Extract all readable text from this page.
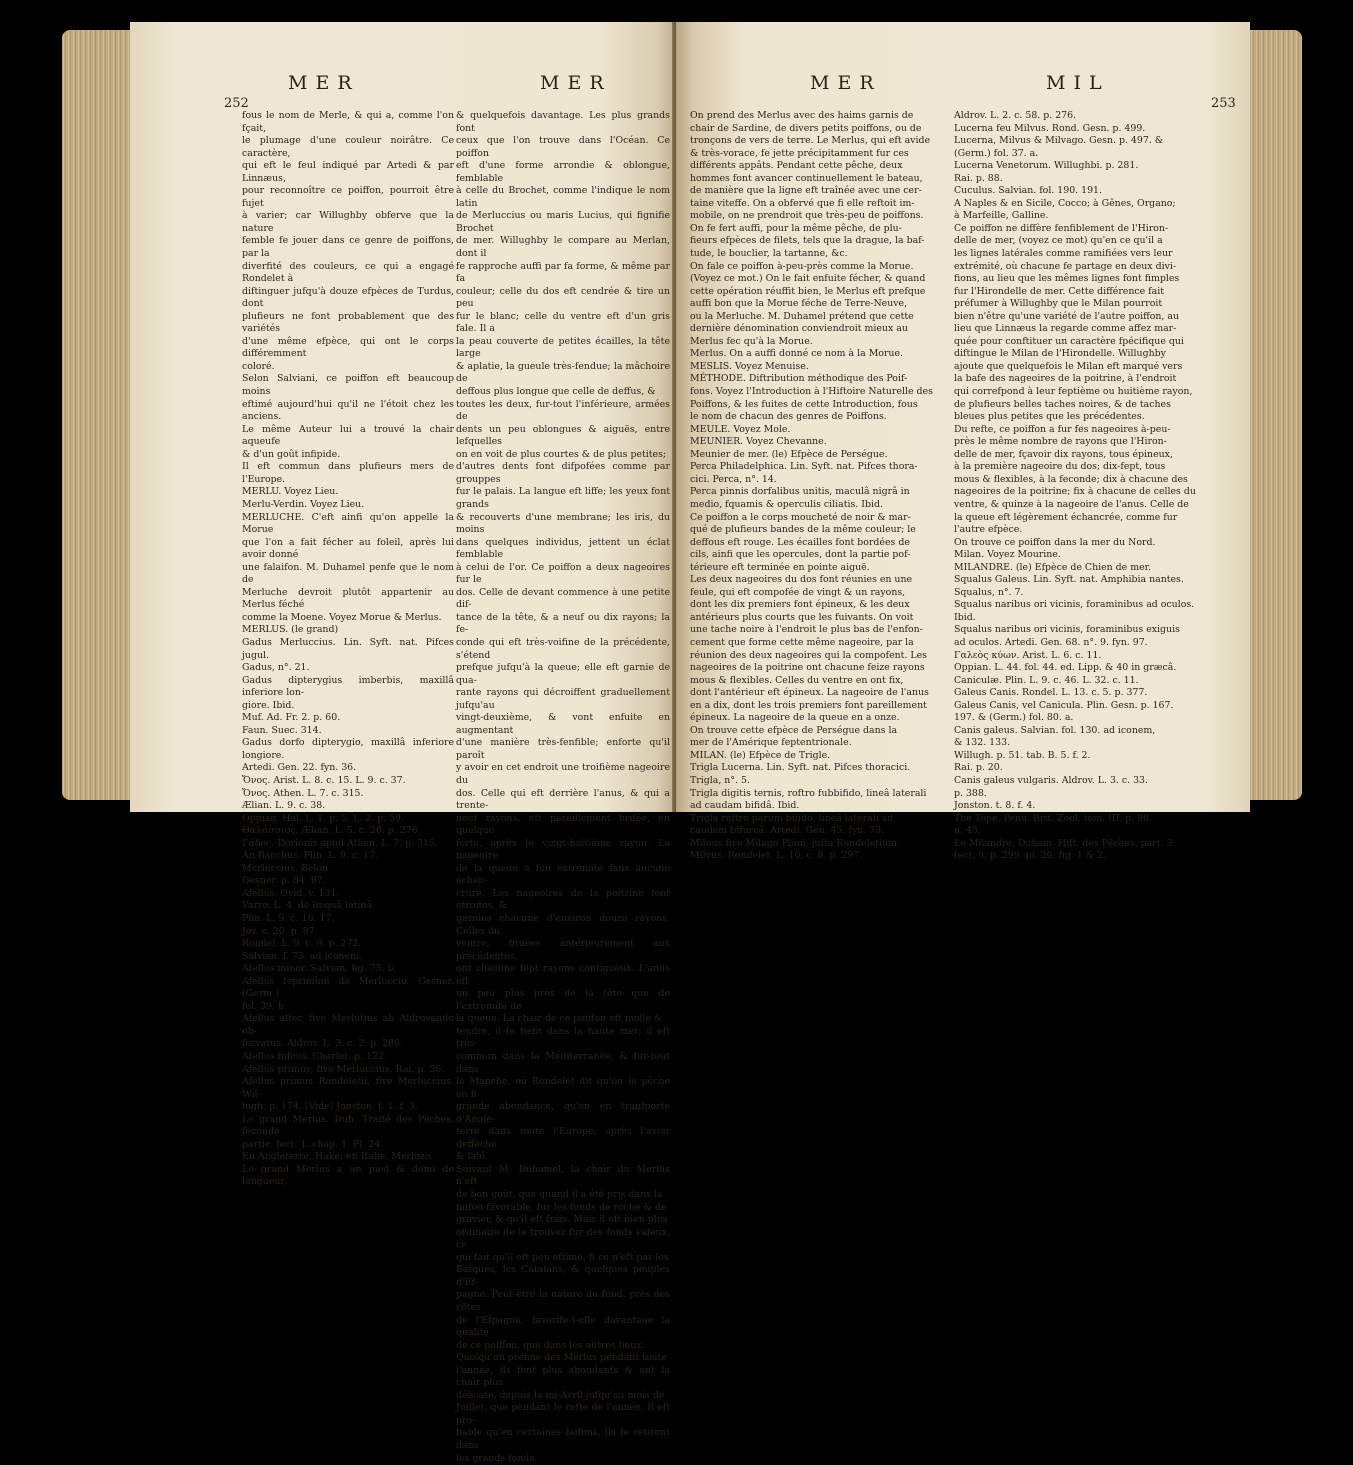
252
MER	MER

fous le nom de Merle, & qui a, comme l'on fçait,

le plumage d'une couleur noirâtre. Ce caractère,

qui eft le feul indiqué par Artedi & par Linnæus,

pour reconnoître ce poiffon, pourroit être fujet

à varier; car Willughby obferve que la nature

femble fe jouer dans ce genre de poiffons, par la

diverfité des couleurs, ce qui a engagé Rondelet à

diftinguer jufqu'à douze efpèces de Turdus, dont

plufieurs ne font probablement que des variétés

d'une même efpèce, qui ont le corps différemment

coloré.

Selon Salviani, ce poiffon eft beaucoup moins

eftimé aujourd'hui qu'il ne l'étoit chez les anciens.

Le même Auteur lui a trouvé la chair aqueufe

& d'un goût infipide.

Il eft commun dans plufieurs mers de l'Europe.

MERLU. Voyez Lieu.

Merlu-Verdin. Voyez Lieu.

MERLUCHE. C'eft ainfi qu'on appelle la Morue

que l'on a fait fécher au foleil, après lui avoir donné

une falaifon. M. Duhamel penfe que le nom de

Merluche devroit plutôt appartenir au Merlus féché

comme la Moene. Voyez Morue & Merlus.

MERLUS. (le grand)

Gadus Merluccius. Lin. Syft. nat. Pifces jugul.

Gadus, n°. 21.

Gadus dipterygius imberbis, maxillâ inferiore lon-

giore. Ibid.

Muf. Ad. Fr. 2. p. 60.

Faun. Suec. 314.

Gadus dorfo dipterygio, maxillâ inferiore longiore.

Artedi. Gen. 22. fyn. 36.

Ὄνος. Arist. L. 8. c. 15. L. 9. c. 37.

Ὄνος. Athen. L. 7. c. 315.

Ælian. L. 9. c. 38.

Oppian. Hal. L. 1. p. 5. L. 2. p. 59.

Θαλάσσιος. Ælian. L. 5. c. 20. p. 276.

Γάδος. Dorionis apud Athen. L. 7. p. 315.

An Bacchus. Plin. L. 9. c. 17.

Merluccius. Belon.

Gesner. p. 84. 97.

Afellus. Ovid. v. 131.

Varro. L. 4. de linguâ latinâ.

Plin. L. 9. c. 16. 17.

Jov. c. 20. p. 87.

Rondel. L. 9. c. 9. p. 272.

Salvian. f. 73. ad iconem.

Afellus minor. Salvian. fig. 73. b.

Afellus feprimùm de Merluccio. Gesner. (Germ.)

fol. 39. b.

Afellus alter, five Merlutius ab Aldrovando ob-

fervatus. Aldrov. L. 3. c. 2. p. 286.

Afellus fufcus. Charlet. p. 122.

Afellus primus, five Merluccius. Rai. p. 56.

Afellus primus Rondeletii, five Merluccius. Wil-

lugh. p. 174. (Vide) Jonston. t. 1. f. 3.

Le grand Merlus. Duh. Traité des Pêches, feconde

partie, fect. 1. chap. 1. Pl. 24.

En Angleterre, Hake; en Italie, Merluzo.

Le grand Merlus a un pied & demi de longueur,

& quelquefois davantage. Les plus grands font

ceux que l'on trouve dans l'Océan. Ce poiffon

eft d'une forme arrondie & oblongue, femblable

à celle du Brochet, comme l'indique le nom latin

de Merluccius ou maris Lucius, qui fignifie Brochet

de mer. Willughby le compare au Merlan, dont il

fe rapproche auffi par fa forme, & même par fa

couleur; celle du dos eft cendrée & tire un peu

fur le blanc; celle du ventre eft d'un gris fale. Il a

la peau couverte de petites écailles, la tête large

& aplatie, la gueule très-fendue; la mâchoire de

deffous plus longue que celle de deffus, &

toutes les deux, fur-tout l'inférieure, armées de

dents un peu oblongues & aiguës, entre lefquelles

on en voit de plus courtes & de plus petites;

d'autres dents font difpofées comme par grouppes

fur le palais. La langue eft liffe; les yeux font grands

& recouverts d'une membrane; les iris, du moins

dans quelques individus, jettent un éclat femblable

à celui de l'or. Ce poiffon a deux nageoires fur le

dos. Celle de devant commence à une petite dif-

tance de la tête, & a neuf ou dix rayons; la fe-

conde qui eft très-voifine de la précédente, s'étend

prefque jufqu'à la queue; elle eft garnie de qua-

rante rayons qui décroiffent graduellement jufqu'au

vingt-deuxième, & vont enfuite en augmentant

d'une manière très-fenfible; enforte qu'il paroît

y avoir en cet endroit une troifième nageoire du

dos. Celle qui eft derrière l'anus, & qui a trente-

neuf rayons, eft pareillement brifée, en quelque

forte, après le vingt-huitième rayon. La nageoire

de la queue a fon extrémité fans aucune échan-

crure. Les nageoires de la poitrine font étroites, &

garnies chacune d'environ douze rayons. Celles du

ventre, fituées antérieurement aux précédentes,

ont chacune fept rayons contigueux. L'anus eft

un peu plus près de la tête que de l'extrémité de

la queue. La chair de ce poiffon eft molle &

tendre, il fe tient dans la haute mer; il eft très-

commun dans la Méditerranée, & fur-tout dans

la Manche, où Rondelet dit qu'on le pêche en fi

grande abondance, qu'on en tranfporte d'Angle-

terre dans toute l'Europe, après l'avoir defféché

& falé.

Suivant M. Duhamel, la chair du Merlus n'eft

de bon goût, que quand il a été pris dans la

faifon favorable, fur les fonds de roche & de

gravier, & qu'il eft frais. Mais il eft bien plus

ordinaire de le trouver fur des fonds vafeux, ce

qui fait qu'il eft peu eftimé, fi ce n'eft par les

Bafques, les Catalans, & quelques peuples d'Ef-

pagne. Peut-être la nature du fond, près des côtes

de l'Efpagne, favorife-t-elle davantage la qualité

de ce poiffon, que dans les autres lieux.

Quoiqu'on prenne des Merlus pendant toute

l'année, ils font plus abondants & ont la chair plus

délicate, depuis la mi-Avril jufqu'au mois de

Juillet, que pendant le refte de l'année. Il eft pro-

bable qu'en certaines faifons, ils fe retirent dans

les grands fonds.

253
MER	MIL

On prend des Merlus avec des haims garnis de

chair de Sardine, de divers petits poiffons, ou de

tronçons de vers de terre. Le Merlus, qui eft avide

& très-vorace, fe jette précipitamment fur ces

différents appâts. Pendant cette pêche, deux

hommes font avancer continuellement le bateau,

de manière que la ligne eft traînée avec une cer-

taine viteffe. On a obfervé que fi elle reftoit im-

mobile, on ne prendroit que très-peu de poiffons.

On fe fert auffi, pour la même pêche, de plu-

fieurs efpèces de filets, tels que la drague, la baf-

tude, le bouclier, la tartanne, &c.

On fale ce poiffon à-peu-près comme la Morue.

(Voyez ce mot.) On le fait enfuite fécher, & quand

cette opération réuffit bien, le Merlus eft prefque

auffi bon que la Morue féche de Terre-Neuve,

ou la Merluche. M. Duhamel prétend que cette

dernière dénomination conviendroit mieux au

Merlus fec qu'à la Morue.

Merlus. On a auffi donné ce nom à la Morue.

MESLIS. Voyez Menuise.

MÉTHODE. Diftribution méthodique des Poif-

fons. Voyez l'Introduction à l'Hiftoire Naturelle des

Poiffons, & les fuites de cette Introduction, fous

le nom de chacun des genres de Poiffons.

MEULE. Voyez Mole.

MEUNIER. Voyez Chevanne.

Meunier de mer. (le) Efpèce de Perségue.

Perca Philadelphica. Lin. Syft. nat. Pifces thora-

cici. Perca, n°. 14.

Perca pinnis dorfalibus unitis, maculâ nigrâ in

medio, fquamis & operculis ciliatis. Ibid.

Ce poiffon a le corps moucheté de noir & mar-

qué de plufieurs bandes de la même couleur; le

deffous eft rouge. Les écailles font bordées de

cils, ainfi que les opercules, dont la partie pof-

térieure eft terminée en pointe aiguë.

Les deux nageoires du dos font réunies en une

feule, qui eft compofée de vingt & un rayons,

dont les dix premiers font épineux, & les deux

antérieurs plus courts que les fuivants. On voit

une tache noire à l'endroit le plus bas de l'enfon-

cement que forme cette même nageoire, par la

réunion des deux nageoires qui la compofent. Les

nageoires de la poitrine ont chacune feize rayons

mous & flexibles. Celles du ventre en ont fix,

dont l'antérieur eft épineux. La nageoire de l'anus

en a dix, dont les trois premiers font pareillement

épineux. La nageoire de la queue en a onze.

On trouve cette efpèce de Perségue dans la

mer de l'Amérique feptentrionale.

MILAN. (le) Efpèce de Trigle.

Trigla Lucerna. Lin. Syft. nat. Pifces thoracici.

Trigla, n°. 5.

Trigla digitis ternis, roftro fubbifido, lineâ laterali

ad caudam bifidâ. Ibid.

Trigla roftro parum bifido, lineâ laterali ad

caudem bifurcâ. Artedi. Gen. 45. fyn. 73.

Miluus five Milago Plinii, jufta Rondeletium.

Milvus. Rondelet. L. 10. c. 8. p. 297.

Aldrov. L. 2. c. 58. p. 276.

Lucerna feu Milvus. Rond. Gesn. p. 499.

Lucerna, Milvus & Milvago. Gesn. p. 497. &

(Germ.) fol. 37. a.

Lucerna Venetorum. Willughbi. p. 281.

Rai. p. 88.

Cuculus. Salvian. fol. 190. 191.

A Naples & en Sicile, Cocco; à Gênes, Organo;

à Marfeille, Galline.

Ce poiffon ne diffère fenfiblement de l'Hiron-

delle de mer, (voyez ce mot) qu'en ce qu'il a

les lignes latérales comme ramifiées vers leur

extrémité, où chacune fe partage en deux divi-

fions, au lieu que les mêmes lignes font fimples

fur l'Hirondelle de mer. Cette différence fait

préfumer à Willughby que le Milan pourroit

bien n'être qu'une variété de l'autre poiffon, au

lieu que Linnæus la regarde comme affez mar-

quée pour conftituer un caractère fpécifique qui

diftingue le Milan de l'Hirondelle. Willughby

ajoute que quelquefois le Milan eft marqué vers

la bafe des nageoires de la poitrine, à l'endroit

qui correfpond à leur feptième ou huitième rayon,

de plufieurs belles taches noires, & de taches

bleues plus petites que les précédentes.

Du refte, ce poiffon a fur fes nageoires à-peu-

près le même nombre de rayons que l'Hiron-

delle de mer, fçavoir dix rayons, tous épineux,

à la première nageoire du dos; dix-fept, tous

mous & flexibles, à la feconde; dix à chacune des

nageoires de la poitrine; fix à chacune de celles du

ventre, & quinze à la nageoire de l'anus. Celle de

la queue eft légèrement échancrée, comme fur

l'autre efpèce.

On trouve ce poiffon dans la mer du Nord.

Milan. Voyez Mourine.

MILANDRE. (le) Efpèce de Chien de mer.

Squalus Galeus. Lin. Syft. nat. Amphibia nantes.

Squalus, n°. 7.

Squalus naribus ori vicinis, foraminibus ad oculos.

Ibid.

Squalus naribus ori vicinis, foraminibus exiguis

ad oculos. Artedi. Gen. 68. n°. 9. fyn. 97.

Γαλεὸς κύων. Arist. L. 6. c. 11.

Oppian. L. 44. fol. 44. ed. Lipp. & 40 in græcâ.

Caniculæ. Plin. L. 9. c. 46. L. 32. c. 11.

Galeus Canis. Rondel. L. 13. c. 5. p. 377.

Galeus Canis, vel Canicula. Plin. Gesn. p. 167.

197. & (Germ.) fol. 80. a.

Canis galeus. Salvian. fol. 130. ad iconem,

& 132. 133.

Willugh. p. 51. tab. B. 5. f. 2.

Rai. p. 20.

Canis galeus vulgaris. Aldrov. L. 3. c. 33.

p. 388.

Jonston. t. 8. f. 4.

The Tope. Penn. Brit. Zool. tom. III. p. 98.

n. 45.

Le Milandre, Duham. Hift. des Pêches, part. 3.

fect. 9. p. 299. pl. 20. fig. 1 & 2.
